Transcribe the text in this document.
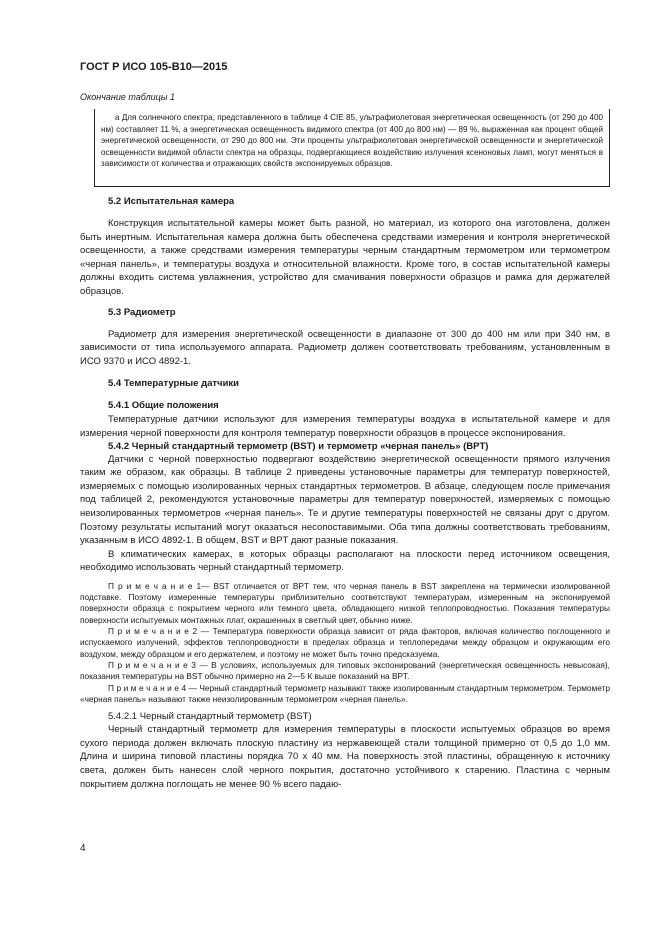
ГОСТ Р ИСО 105-B10—2015
Окончание таблицы 1

а Для солнечного спектра, представленного в таблице 4 CIE 85, ультрафиолетовая энергетическая освещенность (от 290 до 400 нм) составляет 11 %, а энергетическая освещенность видимого спектра (от 400 до 800 нм) — 89 %, выраженная как процент общей энергетической освещенности, от 290 до 800 нм. Эти проценты ультрафиолетовая энергетической освещенности и энергетической освещенности видимой области спектра на образцы, подвергающиеся воздействию излучения ксеноновых ламп, могут меняться в зависимости от количества и отражающих свойств экспонируемых образцов.

5.2 Испытательная камера

Конструкция испытательной камеры может быть разной, но материал, из которого она изготовлена, должен быть инертным. Испытательная камера должна быть обеспечена средствами измерения и контроля энергетической освещенности, а также средствами измерения температуры черным стандартным термометром или термометром «черная панель», и температуры воздуха и относительной влажности. Кроме того, в состав испытательной камеры должны входить система увлажнения, устройство для смачивания поверхности образцов и рамка для держателей образцов.

5.3 Радиометр

Радиометр для измерения энергетической освещенности в диапазоне от 300 до 400 нм или при 340 нм, в зависимости от типа используемого аппарата. Радиометр должен соответствовать требованиям, установленным в ИСО 9370 и ИСО 4892-1.

5.4 Температурные датчики

5.4.1 Общие положения

Температурные датчики используют для измерения температуры воздуха в испытательной камере и для измерения черной поверхности для контроля температур поверхности образцов в процессе экспонирования.

5.4.2 Черный стандартный термометр (BST) и термометр «черная панель» (BPT)

Датчики с черной поверхностью подвергают воздействию энергетической освещенности прямого излучения таким же образом, как образцы. В таблице 2 приведены установочные параметры для температур поверхностей, измеряемых с помощью изолированных черных стандартных термометров. В абзаце, следующем после примечания под таблицей 2, рекомендуются установочные параметры для температур поверхностей, измеряемых с помощью неизолированных термометров «черная панель». Те и другие температуры поверхностей не связаны друг с другом. Поэтому результаты испытаний могут оказаться несопоставимыми. Оба типа должны соответствовать требованиям, указанным в ИСО 4892-1. В общем, BST и BPT дают разные показания.

В климатических камерах, в которых образцы располагают на плоскости перед источником освещения, необходимо использовать черный стандартный термометр.

П р и м е ч а н и е 1— BST отличается от BPT тем, что черная панель в BST закреплена на термически изолированной подставке. Поэтому измеренные температуры приблизительно соответствуют температурам, измеренным на экспонируемой поверхности образца с покрытием черного или темного цвета, обладающего низкой теплопроводностью. Показания температуры поверхности испытуемых монтажных плат, окрашенных в светлый цвет, обычно ниже.

П р и м е ч а н и е 2 — Температура поверхности образца зависит от ряда факторов, включая количество поглощенного и испускаемого излучений, эффектов теплопроводности в пределах образца и теплопередачи между образцом и окружающим его воздухом, между образцом и его держателем, и поэтому не может быть точно предсказуема.

П р и м е ч а н и е 3 — В условиях, используемых для типовых экспонирований (энергетическая освещенность невысокая), показания температуры на BST обычно примерно на 2—5 К выше показаний на BPT.

П р и м е ч а н и е 4 — Черный стандартный термометр называют также изолированным стандартным термометром. Термометр «черная панель» называют также неизолированным термометром «черная панель».

5.4.2.1 Черный стандартный термометр (BST)

Черный стандартный термометр для измерения температуры в плоскости испытуемых образцов во время сухого периода должен включать плоскую пластину из нержавеющей стали толщиной примерно от 0,5 до 1,0 мм. Длина и ширина типовой пластины порядка 70 х 40 мм. На поверхность этой пластины, обращенную к источнику света, должен быть нанесен слой черного покрытия, достаточно устойчивого к старению. Пластина с черным покрытием должна поглощать не менее 90 % всего падаю-

4
